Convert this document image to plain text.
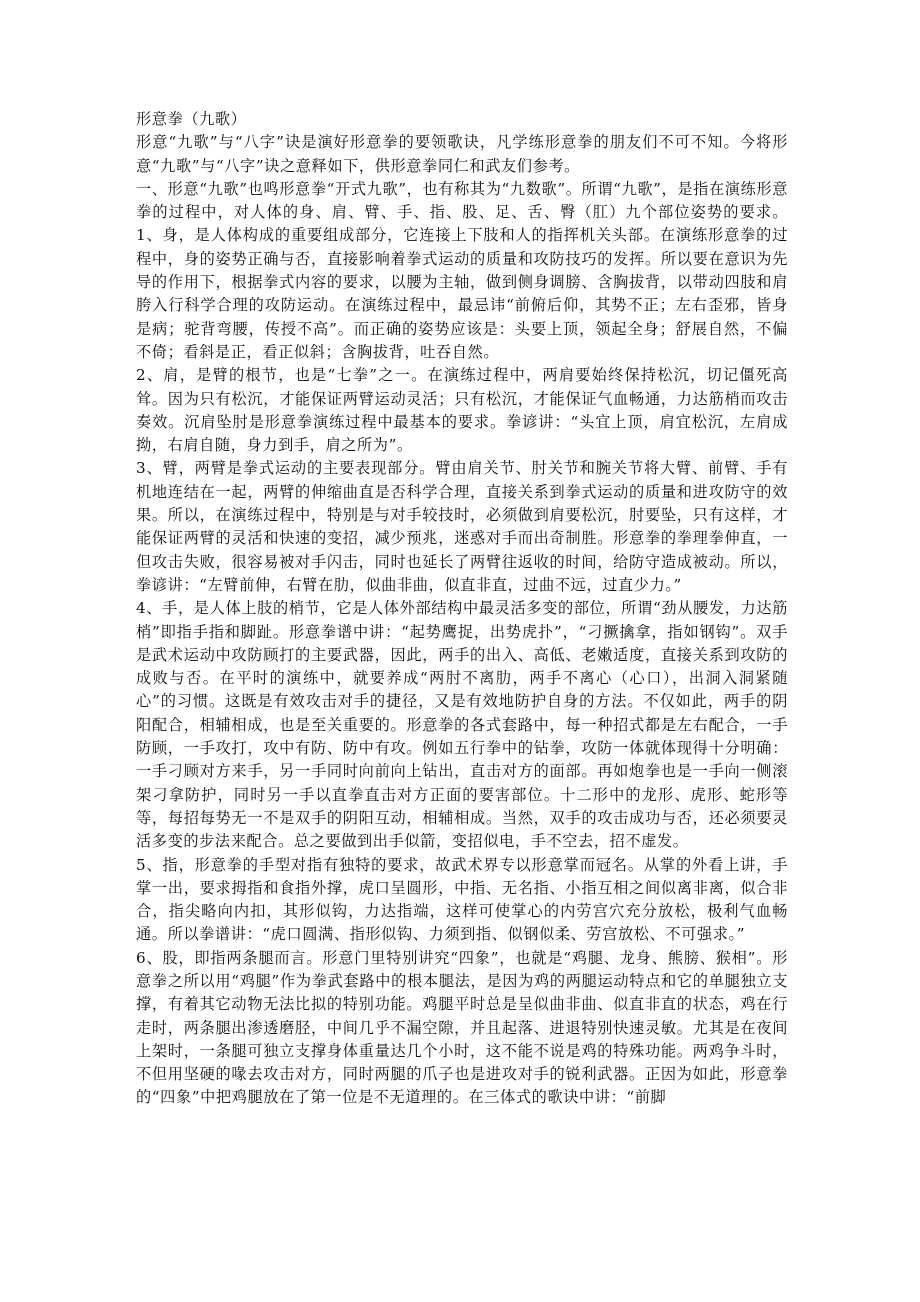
形意拳（九歌）

形意“九歌”与“八字”诀是演好形意拳的要领歌诀，凡学练形意拳的朋友们不可不知。今将形意“九歌”与“八字”诀之意释如下，供形意拳同仁和武友们参考。

一、形意“九歌”也鸣形意拳“开式九歌”，也有称其为“九数歌”。所谓“九歌”，是指在演练形意拳的过程中，对人体的身、肩、臂、手、指、股、足、舌、臀（肛）九个部位姿势的要求。1、身，是人体构成的重要组成部分，它连接上下肢和人的指挥机关头部。在演练形意拳的过程中，身的姿势正确与否，直接影响着拳式运动的质量和攻防技巧的发挥。所以要在意识为先导的作用下，根据拳式内容的要求，以腰为主轴，做到侧身调膀、含胸拔背，以带动四肢和肩胯入行科学合理的攻防运动。在演练过程中，最忌讳“前俯后仰，其势不正；左右歪邪，皆身是病；驼背弯腰，传授不高”。而正确的姿势应该是：头要上顶，领起全身；舒展自然，不偏不倚；看斜是正，看正似斜；含胸拔背，吐吞自然。

2、肩，是臂的根节，也是“七拳”之一。在演练过程中，两肩要始终保持松沉，切记僵死高耸。因为只有松沉，才能保证两臂运动灵活；只有松沉，才能保证气血畅通，力达筋梢而攻击奏效。沉肩坠肘是形意拳演练过程中最基本的要求。拳谚讲：“头宜上顶，肩宜松沉，左肩成拗，右肩自随，身力到手，肩之所为”。

3、臂，两臂是拳式运动的主要表现部分。臂由肩关节、肘关节和腕关节将大臂、前臂、手有机地连结在一起，两臂的伸缩曲直是否科学合理，直接关系到拳式运动的质量和进攻防守的效果。所以，在演练过程中，特别是与对手较技时，必须做到肩要松沉，肘要坠，只有这样，才能保证两臂的灵活和快速的变招，减少预兆，迷惑对手而出奇制胜。形意拳的拳理拳伸直，一但攻击失败，很容易被对手闪击，同时也延长了两臂往返收的时间，给防守造成被动。所以，拳谚讲：“左臂前伸，右臂在肋，似曲非曲，似直非直，过曲不远，过直少力。”

4、手，是人体上肢的梢节，它是人体外部结构中最灵活多变的部位，所谓“劲从腰发，力达筋梢”即指手指和脚趾。形意拳谱中讲：“起势鹰捉，出势虎扑”，“刁撅擒拿，指如钢钩”。双手是武术运动中攻防顾打的主要武器，因此，两手的出入、高低、老嫩适度，直接关系到攻防的成败与否。在平时的演练中，就要养成“两肘不离肋，两手不离心（心口），出洞入洞紧随心”的习惯。这既是有效攻击对手的捷径，又是有效地防护自身的方法。不仅如此，两手的阴阳配合，相辅相成，也是至关重要的。形意拳的各式套路中，每一种招式都是左右配合，一手防顾，一手攻打，攻中有防、防中有攻。例如五行拳中的钻拳，攻防一体就体现得十分明确：一手刁顾对方来手，另一手同时向前向上钻出，直击对方的面部。再如炮拳也是一手向一侧滚架刁拿防护，同时另一手以直拳直击对方正面的要害部位。十二形中的龙形、虎形、蛇形等等，每招每势无一不是双手的阴阳互动，相辅相成。当然，双手的攻击成功与否，还必须要灵活多变的步法来配合。总之要做到出手似箭，变招似电，手不空去，招不虚发。

5、指，形意拳的手型对指有独特的要求，故武术界专以形意掌而冠名。从掌的外看上讲，手掌一出，要求拇指和食指外撑，虎口呈圆形，中指、无名指、小指互相之间似离非离，似合非合，指尖略向内扣，其形似钩，力达指端，这样可使掌心的内劳宫穴充分放松，极利气血畅通。所以拳谱讲：“虎口圆满、指形似钩、力须到指、似钢似柔、劳宫放松、不可强求。”

6、股，即指两条腿而言。形意门里特别讲究“四象”，也就是“鸡腿、龙身、熊膀、猴相”。形意拳之所以用“鸡腿”作为拳武套路中的根本腿法，是因为鸡的两腿运动特点和它的单腿独立支撑，有着其它动物无法比拟的特别功能。鸡腿平时总是呈似曲非曲、似直非直的状态，鸡在行走时，两条腿出渗透磨胫，中间几乎不漏空隙，并且起落、进退特别快速灵敏。尤其是在夜间上架时，一条腿可独立支撑身体重量达几个小时，这不能不说是鸡的特殊功能。两鸡争斗时，不但用坚硬的喙去攻击对方，同时两腿的爪子也是进攻对手的锐利武器。正因为如此，形意拳的“四象”中把鸡腿放在了第一位是不无道理的。在三体式的歌诀中讲：“前脚
